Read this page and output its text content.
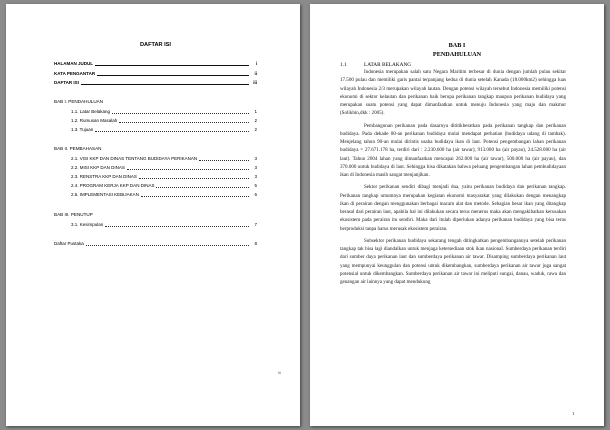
DAFTAR ISI
HALAMAN JUDUL	i
KATA PENGANTAR	ii
DAFTAR ISI	iii
BAB I. PENDAHULUAN
1.1. Latar Belakang	1
1.2. Rumusan Masalah	2
1.3. Tujuan	2
BAB II. PEMBAHASAN
2.1. VISI KKP DAN DINAS TENTANG BUDIDAYA PERIKANAN	3
2.2. MISI KKP DAN DINAS	3
2.3. RENSTRA KKP DAN DINAS	3
2.4. PROGRAM KERJA KKP DAN DINAS	5
2.5. IMPLEMENTASI KEBIJAKAN	6
BAB III. PENUTUP
3.1. Kesimpulan	7
Daftar Pustaka	8
iii
BAB I
PENDAHULUAN
1.1	LATAR BELAKANG

Indonesia merupakan salah satu Negara Maritim terbesar di dunia dengan jumlah pulau sekitar 17.500 pulau dan memiliki garis pantai terpanjang kedua di dunia setelah Kanada (18.000km2) sehingga luas wilayah Indonesia 2/3 merupakan wilayah lautan. Dengan potensi wilayah tersebut Indonesia memiliki potensi ekonomi di sektor kelautan dan perikanan baik berupa perikanan tangkap maupun perikanan budidaya yang merupakan suatu potensi yang dapat dimanfaatkan untuk menuju Indonesia yang maju dan makmur (Solikhin,dkk : 2005).

Pembangunan perikanan pada dasarnya dititikberatkan pada perikanan tangkap dan perikanan budidaya. Pada dekade 80-an perikanan budidaya mulai mendapat perhatian (budidaya udang di tambak). Menjelang tahun 90-an mulai dirintis usaha budidaya ikan di laut. Potensi pengembangan lahan perikanan budidaya = 27.671.178 ha, terdiri dari : 2.230.600 ha (air tawar), 913.000 ha (air payau), 24.528.000 ha (air laut). Tahun 2004 lahan yang dimanfaatkan mencapai 262.000 ha (air tawar), 500.000 ha (air payau), dan 370.000 untuk budidaya di laut. Sehingga bisa dikatakan bahwa peluang pengembangan lahan pembudidayaan ikan di Indonesia masih sangat menjanjikan.

Sektor perikanan sendiri dibagi menjadi dua, yaitu perikanan budidaya dan perikanan tangkap. Perikanan tangkap umumnya merupakan kegiatan ekonomi masyarakat yang dilakukan dengan menangkap ikan di perairan dengan menggunakan berbagai macam alat dan metode. Sebagian besar ikan yang ditangkap berasal dari perairan laut, apabila hal ini dilakukan secara terus menerus maka akan mengakibatkan kerusakan ekosistem pada perairan itu sendiri. Maka dari itulah diperlukan adanya perikanan budidaya yang bisa terus berproduksi tanpa harus merusak ekosistem perairan.

Subsektor perikanan budidaya sekarang tengah ditingkatkan pengembangannya setelah perikanan tangkap tak bisa lagi diandalkan untuk menjaga ketersediaan stok ikan nasional. Sumberdaya perikanan terdiri dari sumber daya perikanan laut dan sumberdaya perikanan air tawar. Disamping sumberdaya perikanan laut yang mempunyai keunggulan dan potensi untuk dikembangkan, sumberdaya perikanan air tawar juga sangat potensial untuk dikembangkan. Sumberdaya perikanan air tawar ini meliputi sungai, danau, waduk, rawa dan genangan air lainnya yang dapat mendukung

1
